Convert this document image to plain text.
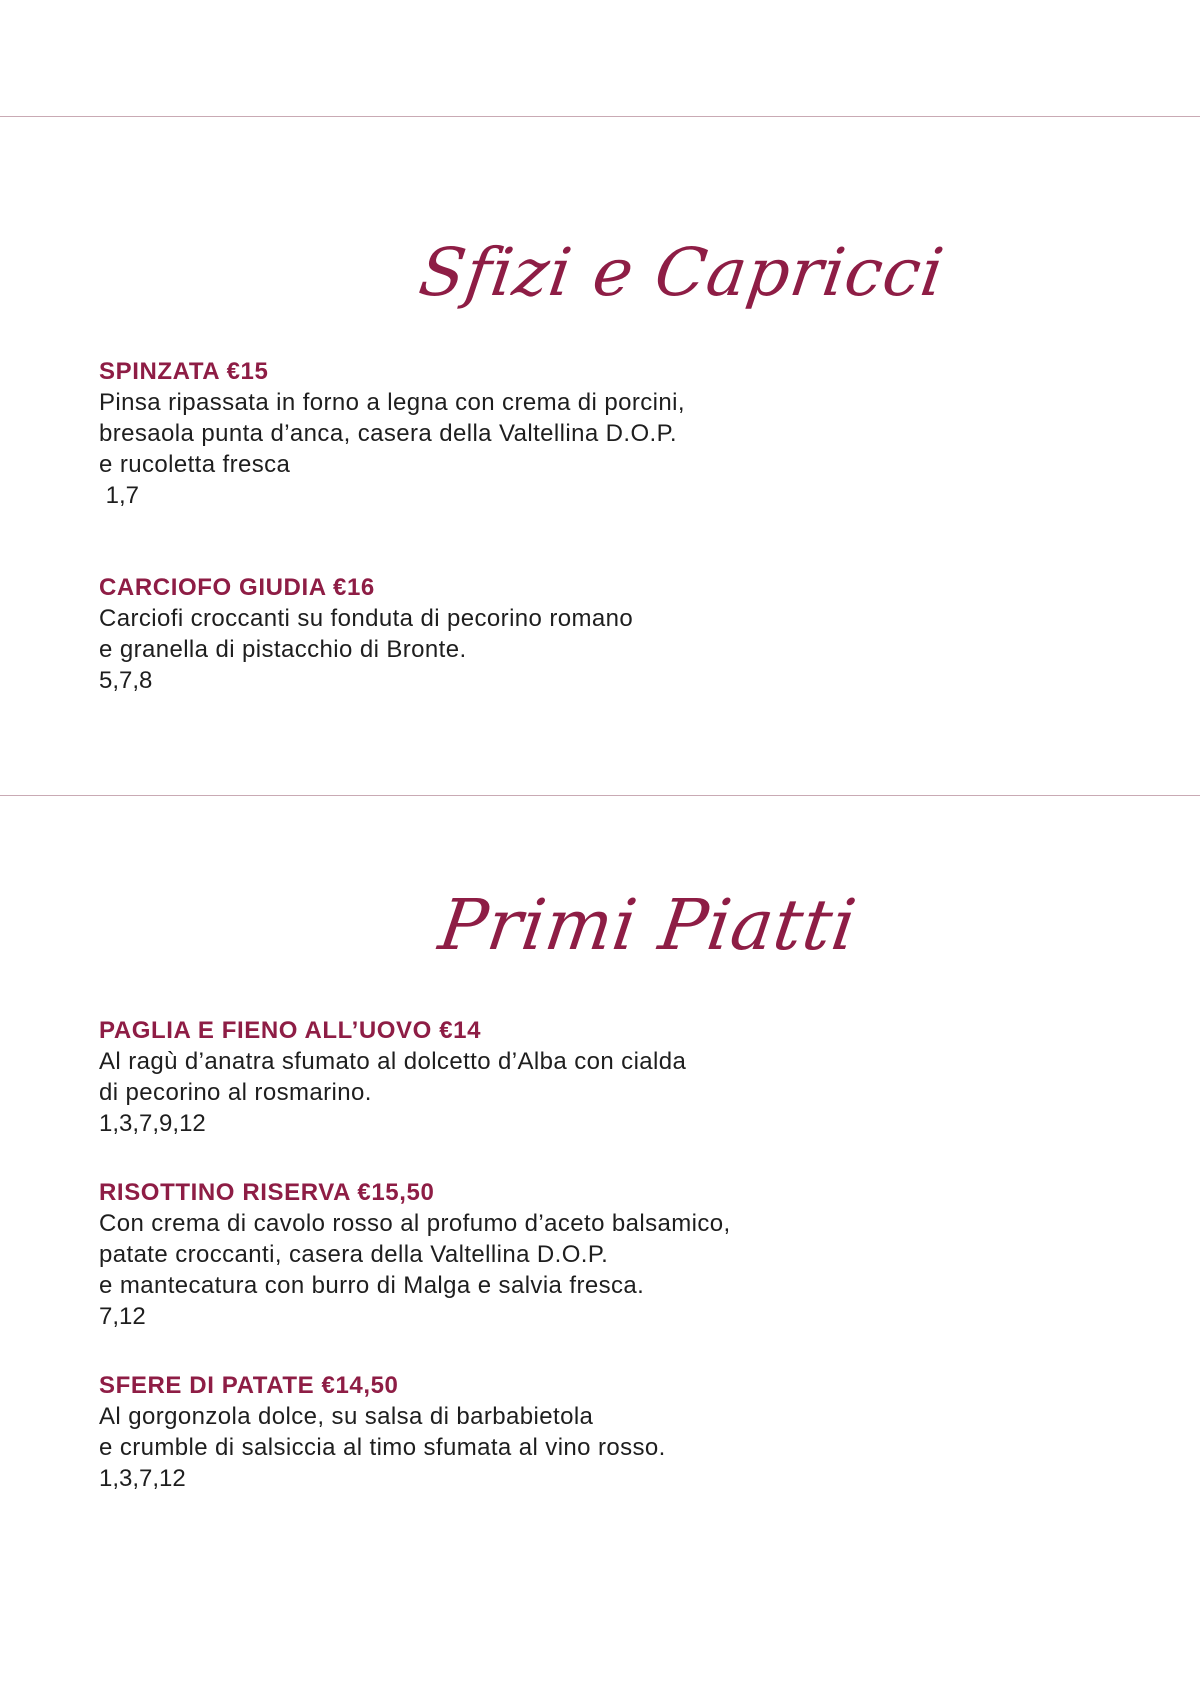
Sfizi e Capricci
SPINZATA €15
Pinsa ripassata in forno a legna con crema di porcini,
bresaola punta d’anca, casera della Valtellina D.O.P.
e rucoletta fresca
1,7
CARCIOFO GIUDIA €16
Carciofi croccanti su fonduta di pecorino romano
e granella di pistacchio di Bronte.
5,7,8
Primi Piatti
PAGLIA E FIENO ALL’UOVO €14
Al ragù d’anatra sfumato al dolcetto d’Alba con cialda
di pecorino al rosmarino.
1,3,7,9,12
RISOTTINO RISERVA €15,50
Con crema di cavolo rosso al profumo d’aceto balsamico,
patate croccanti, casera della Valtellina D.O.P.
e mantecatura con burro di Malga e salvia fresca.
7,12
SFERE DI PATATE €14,50
Al gorgonzola dolce, su salsa di barbabietola
e crumble di salsiccia al timo sfumata al vino rosso.
1,3,7,12
